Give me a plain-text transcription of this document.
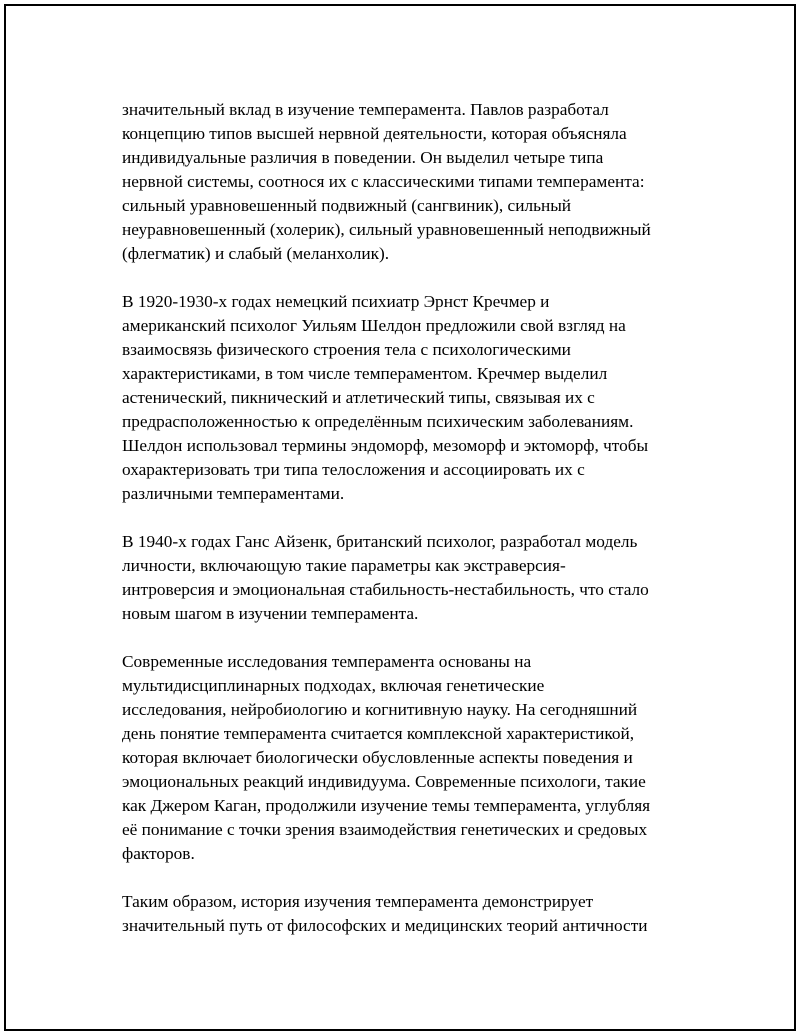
значительный вклад в изучение темперамента. Павлов разработал
концепцию типов высшей нервной деятельности, которая объясняла
индивидуальные различия в поведении. Он выделил четыре типа
нервной системы, соотнося их с классическими типами темперамента:
сильный уравновешенный подвижный (сангвиник), сильный
неуравновешенный (холерик), сильный уравновешенный неподвижный
(флегматик) и слабый (меланхолик).

В 1920-1930-х годах немецкий психиатр Эрнст Кречмер и
американский психолог Уильям Шелдон предложили свой взгляд на
взаимосвязь физического строения тела с психологическими
характеристиками, в том числе темпераментом. Кречмер выделил
астенический, пикнический и атлетический типы, связывая их с
предрасположенностью к определённым психическим заболеваниям.
Шелдон использовал термины эндоморф, мезоморф и эктоморф, чтобы
охарактеризовать три типа телосложения и ассоциировать их с
различными темпераментами.

В 1940-х годах Ганс Айзенк, британский психолог, разработал модель
личности, включающую такие параметры как экстраверсия-
интроверсия и эмоциональная стабильность-нестабильность, что стало
новым шагом в изучении темперамента.

Современные исследования темперамента основаны на
мультидисциплинарных подходах, включая генетические
исследования, нейробиологию и когнитивную науку. На сегодняшний
день понятие темперамента считается комплексной характеристикой,
которая включает биологически обусловленные аспекты поведения и
эмоциональных реакций индивидуума. Современные психологи, такие
как Джером Каган, продолжили изучение темы темперамента, углубляя
её понимание с точки зрения взаимодействия генетических и средовых
факторов.

Таким образом, история изучения темперамента демонстрирует
значительный путь от философских и медицинских теорий античности
